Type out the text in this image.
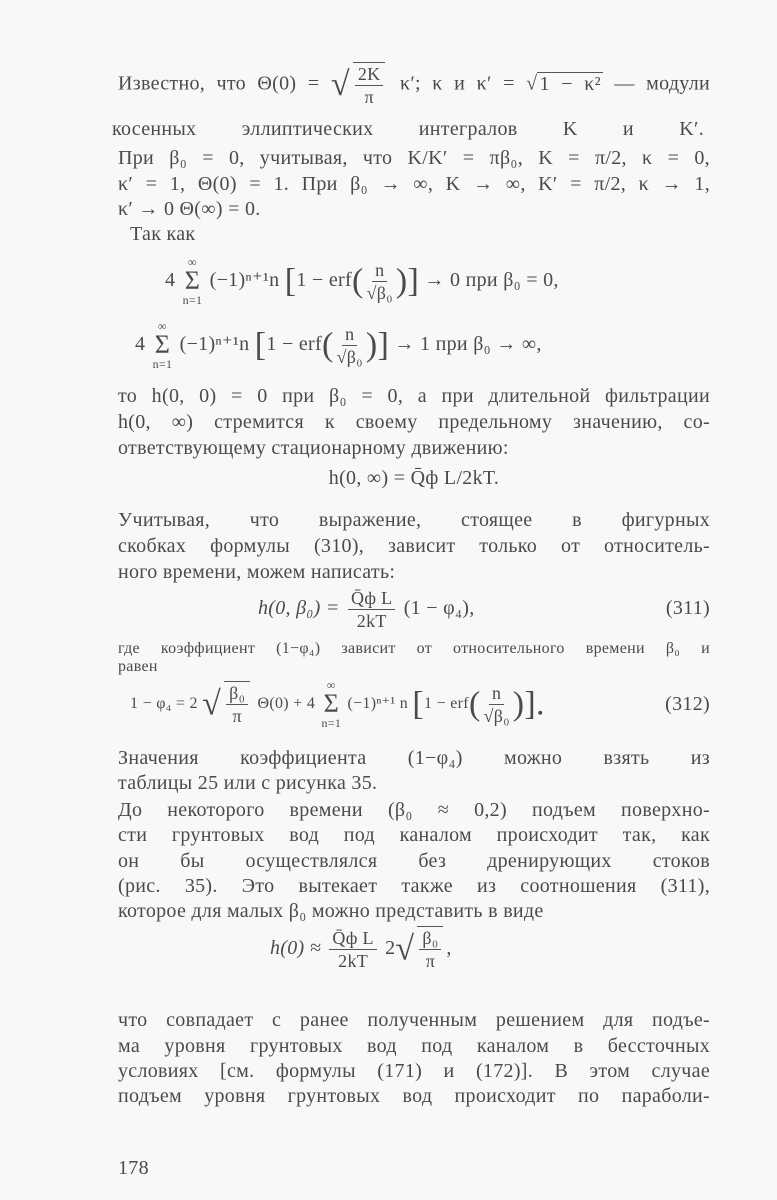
Известно, что Θ(0) = √ $\frac{2K}{\pi} \kappa'$; κ и κ′ = √ 1 − κ² — модули
косенных эллиптических интегралов K и K′.
При β₀ = 0, учитывая, что K/K′ = πβ₀, K = π/2, κ = 0,
κ′ = 1, Θ(0) = 1. При β₀ → ∞, K → ∞, K′ = π/2, κ → 1,
κ′ → 0 Θ(∞) = 0.
Так как
4
∞
Σ
n=1
(−1)ⁿ⁺¹n [$1 - erf( \frac{n}{\text{√β₀}}$ )] → 0 при β₀ = 0,
4
∞
Σ
n=1
(−1)ⁿ⁺¹n [$1 - erf( \frac{n}{\text{√β₀}}$ )] → 1 при β₀ → ∞,
то h(0, 0) = 0 при β₀ = 0, а при длительной фильтрации
h(0, ∞) стремится к своему предельному значению, со-
ответствующему стационарному движению:
h(0, ∞) = Q̄ф L/2kT.
Учитывая, что выражение, стоящее в фигурных
скобках формулы (310), зависит только от относитель-
ного времени, можем написать:
h(0, $\beta_0) = \frac{\text{Q̄ф L}}{2kT} (1 - \varphi_4)$,	(311)
где коэффициент (1−φ₄) зависит от относительного времени β₀ и
равен
1 − φ₄ = 2 √ $\frac{\text{β₀}}{\pi} \Theta(0) + 4$
∞
Σ
n=1
(−1)ⁿ⁺¹ n [$1 - erf( \frac{n}{\text{√β₀}}$ )].	(312)
Значения коэффициента (1−φ₄) можно взять из
таблицы 25 или с рисунка 35.
До некоторого времени (β₀ ≈ 0,2) подъем поверхно-
сти грунтовых вод под каналом происходит так, как
он бы осуществлялся без дренирующих стоков
(рис. 35). Это вытекает также из соотношения (311),
которое для малых β₀ можно представить в виде
$h(0) \approx \frac{\text{Q̄ф L}}{2kT} 2√ \frac{\text{β₀}}{\pi}$ ,
что совпадает с ранее полученным решением для подъе-
ма уровня грунтовых вод под каналом в бессточных
условиях [см. формулы (171) и (172)]. В этом случае
подъем уровня грунтовых вод происходит по параболи-
178
